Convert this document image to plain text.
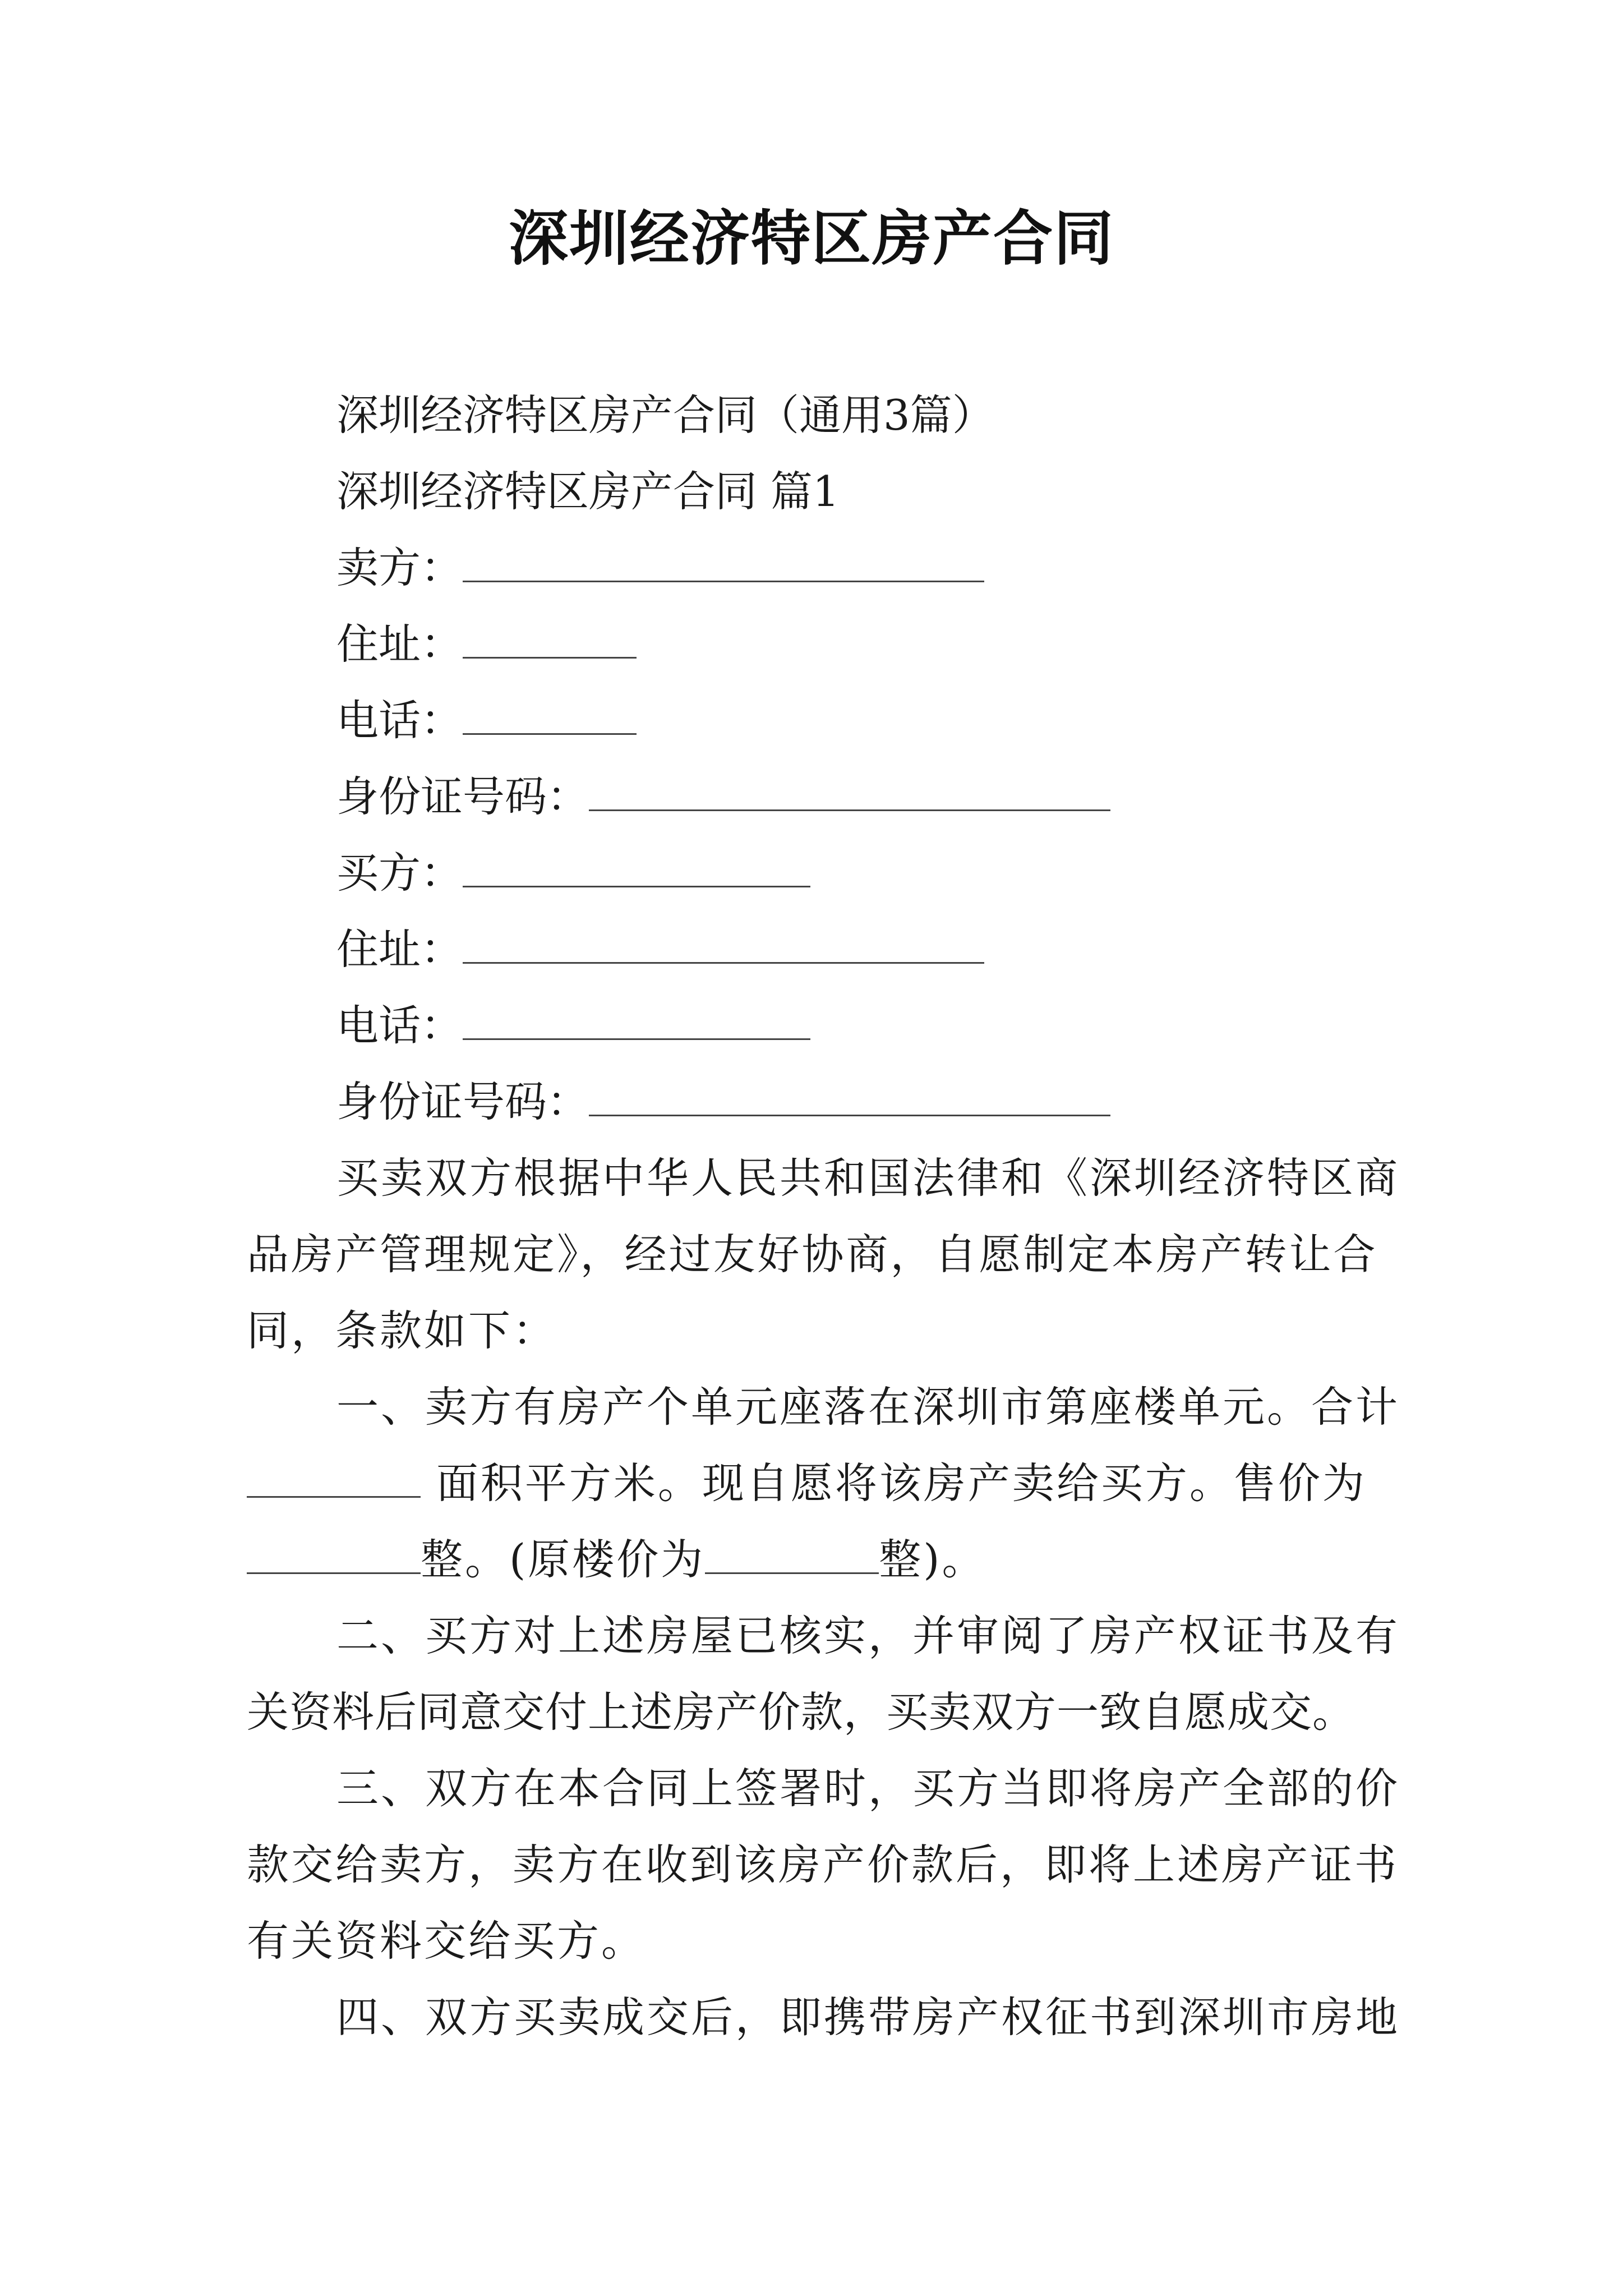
深圳经济特区房产合同
深圳经济特区房产合同（通用3篇）
深圳经济特区房产合同 篇1
卖方：
住址：
电话：
身份证号码：
买方：
住址：
电话：
身份证号码：
买卖双方根据中华人民共和国法律和《深圳经济特区商
品房产管理规定》，经过友好协商，自愿制定本房产转让合
同，条款如下：
一、卖方有房产个单元座落在深圳市第座楼单元。合计
面积平方米。现自愿将该房产卖给买方。售价为
整。(原楼价为	整)。
二、买方对上述房屋已核实，并审阅了房产权证书及有
关资料后同意交付上述房产价款，买卖双方一致自愿成交。
三、双方在本合同上签署时，买方当即将房产全部的价
款交给卖方，卖方在收到该房产价款后，即将上述房产证书
有关资料交给买方。
四、双方买卖成交后，即携带房产权征书到深圳市房地
